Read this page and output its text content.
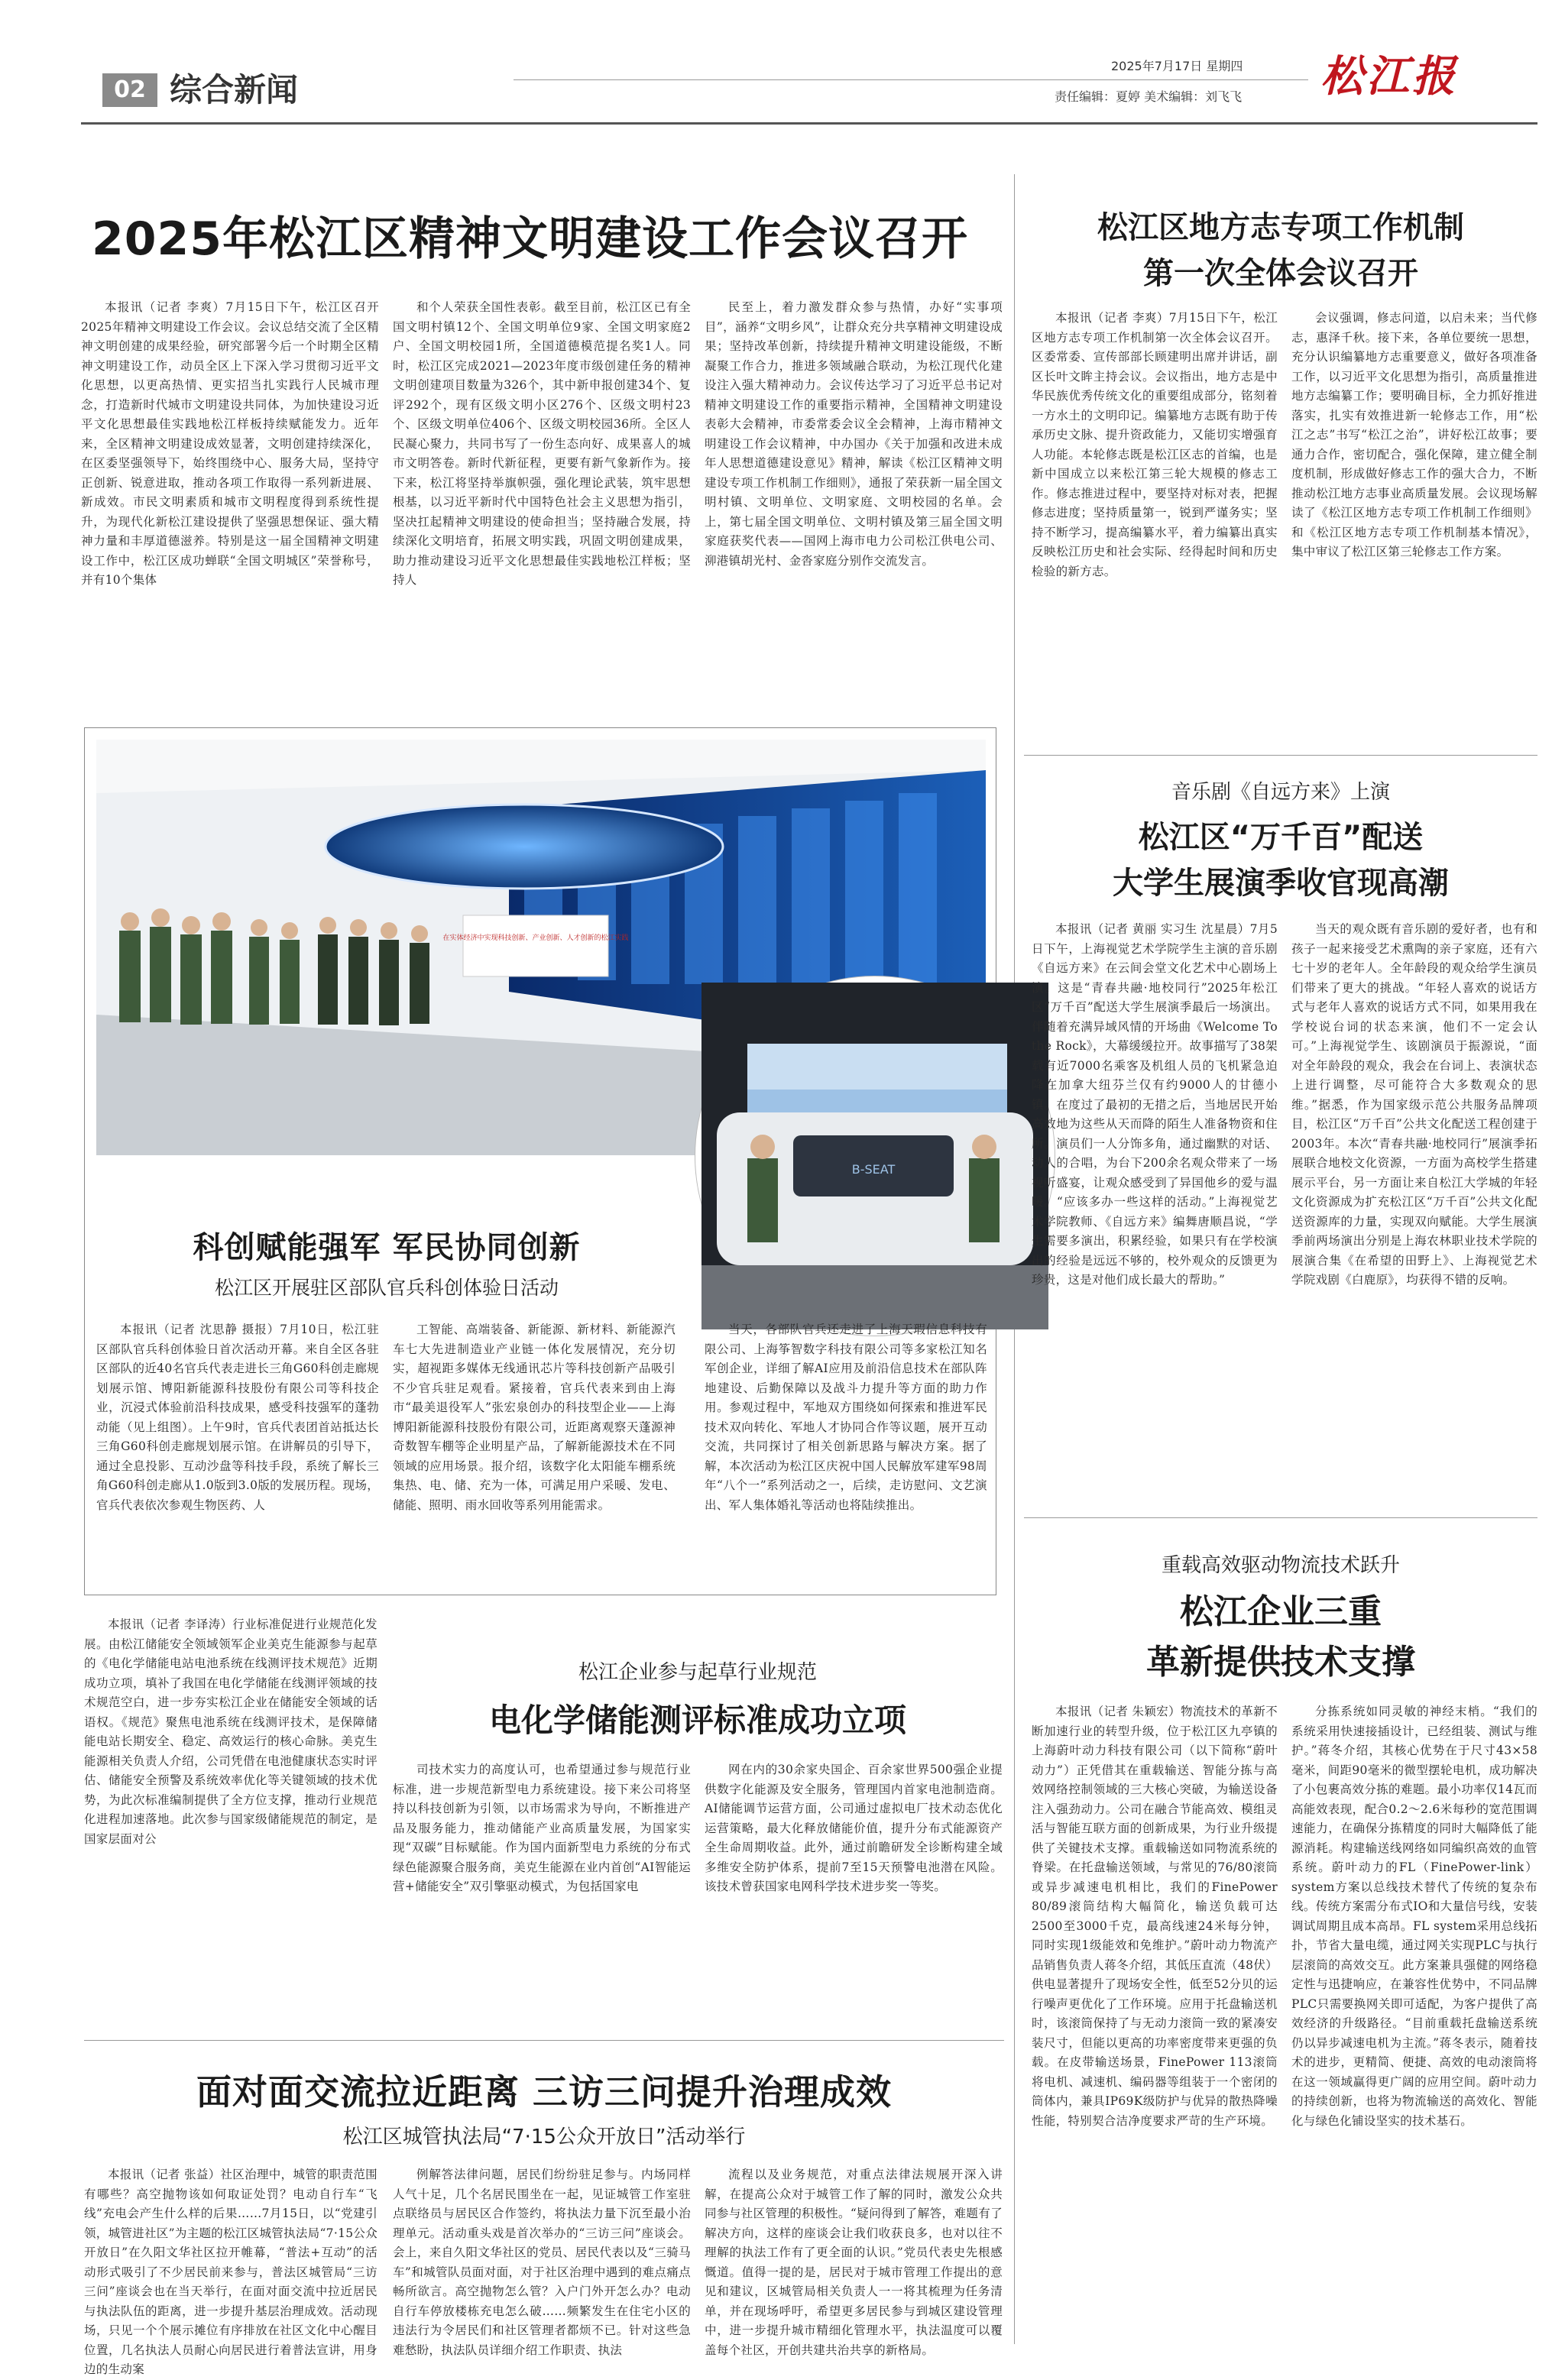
02 综合新闻
2025年7月17日 星期四
责任编辑：夏婷 美术编辑：刘飞飞 松江报
2025年松江区精神文明建设工作会议召开

本报讯（记者 李爽）7月15日下午，松江区召开2025年精神文明建设工作会议。会议总结交流了全区精神文明创建的成果经验，研究部署今后一个时期全区精神文明建设工作，动员全区上下深入学习贯彻习近平文化思想，以更高热情、更实招当扎实践行人民城市理念，打造新时代城市文明建设共同体，为加快建设习近平文化思想最佳实践地松江样板持续赋能发力。近年来，全区精神文明建设成效显著，文明创建持续深化，在区委坚强领导下，始终围绕中心、服务大局，坚持守正创新、锐意进取，推动各项工作取得一系列新进展、新成效。市民文明素质和城市文明程度得到系统性提升，为现代化新松江建设提供了坚强思想保证、强大精神力量和丰厚道德滋养。特别是这一届全国精神文明建设工作中，松江区成功蝉联“全国文明城区”荣誉称号，并有10个集体

和个人荣获全国性表彰。截至目前，松江区已有全国文明村镇12个、全国文明单位9家、全国文明家庭2户、全国文明校园1所，全国道德模范提名奖1人。同时，松江区完成2021—2023年度市级创建任务的精神文明创建项目数量为326个，其中新申报创建34个、复评292个，现有区级文明小区276个、区级文明村23个、区级文明单位406个、区级文明校园36所。全区人民凝心聚力，共同书写了一份生态向好、成果喜人的城市文明答卷。新时代新征程，更要有新气象新作为。接下来，松江将坚持举旗帜强，强化理论武装，筑牢思想根基，以习近平新时代中国特色社会主义思想为指引，坚决扛起精神文明建设的使命担当；坚持融合发展，持续深化文明培育，拓展文明实践，巩固文明创建成果，助力推动建设习近平文化思想最佳实践地松江样板；坚持人

民至上，着力激发群众参与热情，办好“实事项目”，涵养“文明乡风”，让群众充分共享精神文明建设成果；坚持改革创新，持续提升精神文明建设能级，不断凝聚工作合力，推进多领域融合联动，为松江现代化建设注入强大精神动力。会议传达学习了习近平总书记对精神文明建设工作的重要指示精神，全国精神文明建设表彰大会精神，市委常委会议全会精神，上海市精神文明建设工作会议精神，中办国办《关于加强和改进未成年人思想道德建设意见》精神，解读《松江区精神文明建设专项工作机制工作细则》，通报了荣获新一届全国文明村镇、文明单位、文明家庭、文明校园的名单。会上，第七届全国文明单位、文明村镇及第三届全国文明家庭获奖代表——国网上海市电力公司松江供电公司、泖港镇胡光村、金沓家庭分别作交流发言。

在实体经济中实现科技创新、产业创新、人才创新的松江实践
B-SEAT
科创赋能强军 军民协同创新
松江区开展驻区部队官兵科创体验日活动

本报讯（记者 沈思静 摄报）7月10日，松江驻区部队官兵科创体验日首次活动开幕。来自全区各驻区部队的近40名官兵代表走进长三角G60科创走廊规划展示馆、博阳新能源科技股份有限公司等科技企业，沉浸式体验前沿科技成果，感受科技强军的蓬勃动能（见上组图）。上午9时，官兵代表团首站抵达长三角G60科创走廊规划展示馆。在讲解员的引导下，通过全息投影、互动沙盘等科技手段，系统了解长三角G60科创走廊从1.0版到3.0版的发展历程。现场，官兵代表依次参观生物医药、人

工智能、高端装备、新能源、新材料、新能源汽车七大先进制造业产业链一体化发展情况，充分切实，超视距多媒体无线通讯芯片等科技创新产品吸引不少官兵驻足观看。紧接着，官兵代表来到由上海市“最美退役军人”张宏泉创办的科技型企业——上海博阳新能源科技股份有限公司，近距离观察天蓬源神奇数智车棚等企业明星产品，了解新能源技术在不同领域的应用场景。报介绍，该数字化太阳能车棚系统集热、电、储、充为一体，可满足用户采暖、发电、储能、照明、雨水回收等系列用能需求。

当天，各部队官兵还走进了上海天瑕信息科技有限公司、上海筝智数字科技有限公司等多家松江知名军创企业，详细了解AI应用及前沿信息技术在部队阵地建设、后勤保障以及战斗力提升等方面的助力作用。参观过程中，军地双方围绕如何探索和推进军民技术双向转化、军地人才协同合作等议题，展开互动交流，共同探讨了相关创新思路与解决方案。据了解，本次活动为松江区庆祝中国人民解放军建军98周年“八个一”系列活动之一，后续，走访慰问、文艺演出、军人集体婚礼等活动也将陆续推出。

本报讯（记者 李译涛）行业标准促进行业规范化发展。由松江储能安全领域领军企业美克生能源参与起草的《电化学储能电站电池系统在线测评技术规范》近期成功立项，填补了我国在电化学储能在线测评领域的技术规范空白，进一步夯实松江企业在储能安全领域的话语权。《规范》聚焦电池系统在线测评技术，是保障储能电站长期安全、稳定、高效运行的核心命脉。美克生能源相关负责人介绍，公司凭借在电池健康状态实时评估、储能安全预警及系统效率优化等关键领域的技术优势，为此次标准编制提供了全方位支撑，推动行业规范化进程加速落地。此次参与国家级储能规范的制定，是国家层面对公

松江企业参与起草行业规范
电化学储能测评标准成功立项

司技术实力的高度认可，也希望通过参与规范行业标准，进一步规范新型电力系统建设。接下来公司将坚持以科技创新为引领，以市场需求为导向，不断推进产品及服务能力，推动储能产业高质量发展，为国家实现“双碳”目标赋能。作为国内面新型电力系统的分布式绿色能源聚合服务商，美克生能源在业内首创“AI智能运营+储能安全”双引擎驱动模式，为包括国家电

网在内的30余家央国企、百余家世界500强企业提供数字化能源及安全服务，管理国内首家电池制造商。AI储能调节运营方面，公司通过虚拟电厂技术动态优化运营策略，最大化释放储能价值，提升分布式能源资产全生命周期收益。此外，通过前瞻研发全诊断构建全域多维安全防护体系，提前7至15天预警电池潜在风险。该技术曾获国家电网科学技术进步奖一等奖。

面对面交流拉近距离 三访三问提升治理成效
松江区城管执法局“7·15公众开放日”活动举行

本报讯（记者 张益）社区治理中，城管的职责范围有哪些？高空抛物该如何取证处罚？电动自行车“飞线”充电会产生什么样的后果……7月15日，以“党建引领，城管进社区”为主题的松江区城管执法局“7·15公众开放日”在久阳文华社区拉开帷幕，“普法+互动”的活动形式吸引了不少居民前来参与，普法区城管局“三访三问”座谈会也在当天举行，在面对面交流中拉近居民与执法队伍的距离，进一步提升基层治理成效。活动现场，只见一个个展示摊位有序排放在社区文化中心醒目位置，几名执法人员耐心向居民进行着普法宣讲，用身边的生动案

例解答法律问题，居民们纷纷驻足参与。内场同样人气十足，几个名居民围坐在一起，见证城管工作室驻点联络员与居民区合作签约，将执法力量下沉至最小治理单元。活动重头戏是首次举办的“三访三问”座谈会。会上，来自久阳文华社区的党员、居民代表以及“三骑马车”和城管队员面对面，对于社区治理中遇到的难点痛点畅所欲言。高空抛物怎么管？入户门外开怎么办？电动自行车停放楼栋充电怎么破……频繁发生在住宅小区的违法行为令居民们和社区管理者都烦不已。针对这些急难愁盼，执法队员详细介绍工作职责、执法

流程以及业务规范，对重点法律法规展开深入讲解，在提高公众对于城管工作了解的同时，激发公众共同参与社区管理的积极性。“疑问得到了解答，难题有了解决方向，这样的座谈会让我们收获良多，也对以往不理解的执法工作有了更全面的认识。”党员代表史先根感慨道。值得一提的是，居民对于城市管理工作提出的意见和建议，区城管局相关负责人一一将其梳理为任务清单，并在现场呼吁，希望更多居民参与到城区建设管理中，进一步提升城市精细化管理水平，执法温度可以覆盖每个社区，开创共建共治共享的新格局。

松江区地方志专项工作机制
第一次全体会议召开

本报讯（记者 李爽）7月15日下午，松江区地方志专项工作机制第一次全体会议召开。区委常委、宣传部部长顾建明出席并讲话，副区长叶文眸主持会议。会议指出，地方志是中华民族优秀传统文化的重要组成部分，铭刻着一方水土的文明印记。编纂地方志既有助于传承历史文脉、提升资政能力，又能切实增强育人功能。本轮修志既是松江区志的首编，也是新中国成立以来松江第三轮大规模的修志工作。修志推进过程中，要坚持对标对表，把握修志进度；坚持质量第一，锐到严谨务实；坚持不断学习，提高编纂水平，着力编纂出真实反映松江历史和社会实际、经得起时间和历史检验的新方志。

会议强调，修志问道，以启未来；当代修志，惠泽千秋。接下来，各单位要统一思想，充分认识编纂地方志重要意义，做好各项准备工作，以习近平文化思想为指引，高质量推进地方志编纂工作；要明确目标，全力抓好推进落实，扎实有效推进新一轮修志工作，用“松江之志”书写“松江之治”，讲好松江故事；要通力合作，密切配合，强化保障，建立健全制度机制，形成做好修志工作的强大合力，不断推动松江地方志事业高质量发展。会议现场解读了《松江区地方志专项工作机制工作细则》和《松江区地方志专项工作机制基本情况》，集中审议了松江区第三轮修志工作方案。

音乐剧《自远方来》上演
松江区“万千百”配送
大学生展演季收官现高潮

本报讯（记者 黄丽 实习生 沈星晨）7月5日下午，上海视觉艺术学院学生主演的音乐剧《自远方来》在云间会堂文化艺术中心剧场上演。这是“青春共融·地校同行”2025年松江区“万千百”配送大学生展演季最后一场演出。伴随着充满异域风情的开场曲《Welcome To the Rock》，大幕缓缓拉开。故事描写了38架载有近7000名乘客及机组人员的飞机紧急迫降在加拿大纽芬兰仅有约9000人的甘德小镇。在度过了最初的无措之后，当地居民开始高效地为这些从天而降的陌生人准备物资和住所。演员们一人分饰多角，通过幽默的对话、动人的合唱，为台下200余名观众带来了一场视听盛宴，让观众感受到了异国他乡的爱与温暖。“应该多办一些这样的活动。”上海视觉艺术学院教师、《自远方来》编舞唐顺昌说，“学生需要多演出，积累经验，如果只有在学校演出的经验是远远不够的，校外观众的反馈更为珍贵，这是对他们成长最大的帮助。”

当天的观众既有音乐剧的爱好者，也有和孩子一起来接受艺术熏陶的亲子家庭，还有六七十岁的老年人。全年龄段的观众给学生演员们带来了更大的挑战。“年轻人喜欢的说话方式与老年人喜欢的说话方式不同，如果用我在学校说台词的状态来演，他们不一定会认可。”上海视觉学生、该剧演员于振源说，“面对全年龄段的观众，我会在台词上、表演状态上进行调整，尽可能符合大多数观众的思维。”据悉，作为国家级示范公共服务品牌项目，松江区“万千百”公共文化配送工程创建于2003年。本次“青春共融·地校同行”展演季拓展联合地校文化资源，一方面为高校学生搭建展示平台，另一方面让来自松江大学城的年轻文化资源成为扩充松江区“万千百”公共文化配送资源库的力量，实现双向赋能。大学生展演季前两场演出分别是上海农林职业技术学院的展演合集《在希望的田野上》、上海视觉艺术学院戏剧《白鹿原》，均获得不错的反响。

重载高效驱动物流技术跃升
松江企业三重
革新提供技术支撑

本报讯（记者 朱颖宏）物流技术的革新不断加速行业的转型升级，位于松江区九亭镇的上海蔚叶动力科技有限公司（以下简称“蔚叶动力”）正凭借其在重载输送、智能分拣与高效网络控制领域的三大核心突破，为输送设备注入强劲动力。公司在融合节能高效、模组灵活与智能互联方面的创新成果，为行业升级提供了关键技术支撑。重载输送如同物流系统的脊梁。在托盘输送领域，与常见的76/80滚筒或异步减速电机相比，我们的FinePower 80/89滚筒结构大幅简化，输送负载可达2500至3000千克，最高线速24米每分钟，同时实现1级能效和免维护。”蔚叶动力物流产品销售负责人蒋冬介绍，其低压直流（48伏）供电显著提升了现场安全性，低至52分贝的运行噪声更优化了工作环境。应用于托盘输送机时，该滚筒保持了与无动力滚筒一致的紧凑安装尺寸，但能以更高的功率密度带来更强的负载。在皮带输送场景，FinePower 113滚筒将电机、减速机、编码器等组装于一个密闭的筒体内，兼具IP69K级防护与优异的散热降噪性能，特别契合洁净度要求严苛的生产环境。

分拣系统如同灵敏的神经末梢。“我们的系统采用快速接插设计，已经组装、测试与维护。”蒋冬介绍，其核心优势在于尺寸43×58毫米，间距90毫米的微型摆轮电机，成功解决了小包裹高效分拣的难题。最小功率仅14瓦而高能效表现，配合0.2～2.6米每秒的宽范围调速能力，在确保分拣精度的同时大幅降低了能源消耗。构建输送线网络如同编织高效的血管系统。蔚叶动力的FL（FinePower-link）system方案以总线技术替代了传统的复杂布线。传统方案需分布式IO和大量信号线，安装调试周期且成本高昂。FL system采用总线拓扑，节省大量电缆，通过网关实现PLC与执行层滚筒的高效交互。此方案兼具强健的网络稳定性与迅捷响应，在兼容性优势中，不同品牌PLC只需要换网关即可适配，为客户提供了高效经济的升级路径。“目前重载托盘输送系统仍以异步减速电机为主流。”蒋冬表示，随着技术的进步，更精简、便捷、高效的电动滚筒将在这一领域赢得更广阔的应用空间。蔚叶动力的持续创新，也将为物流输送的高效化、智能化与绿色化铺设坚实的技术基石。
